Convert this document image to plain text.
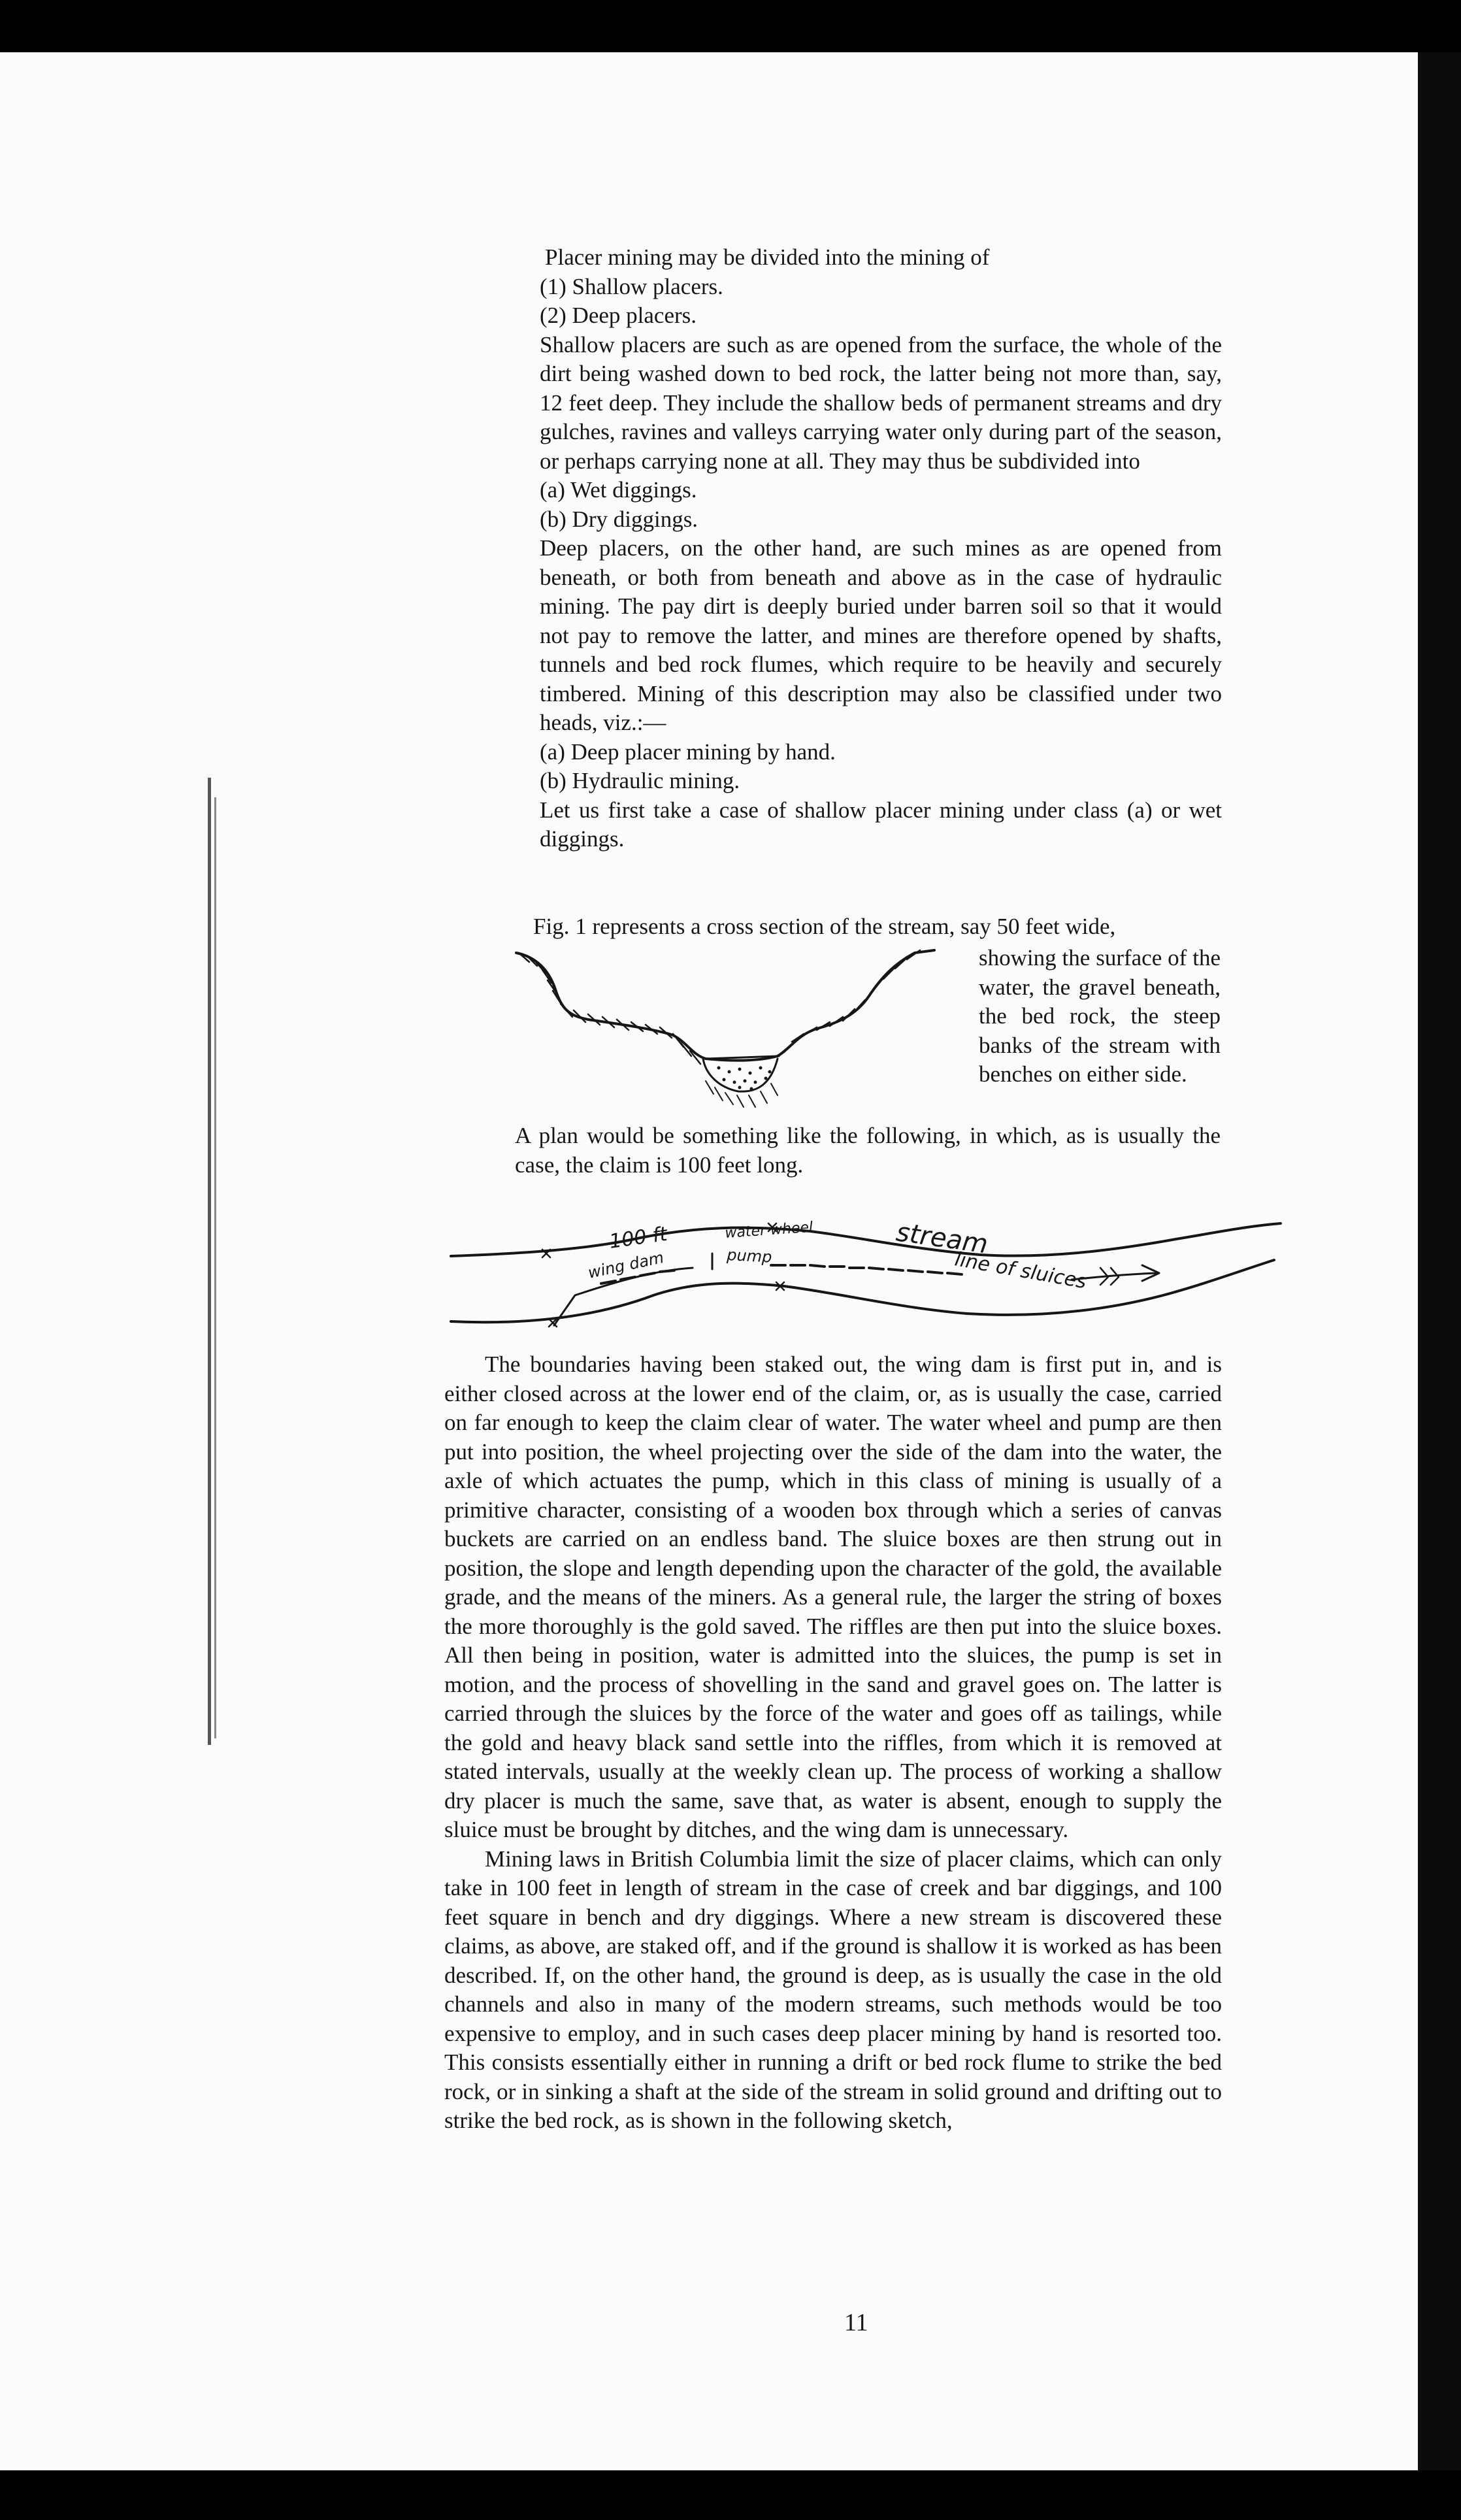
Placer mining may be divided into the mining of

(1) Shallow placers.

(2) Deep placers.

Shallow placers are such as are opened from the surface, the whole of the dirt being washed down to bed rock, the latter being not more than, say, 12 feet deep. They include the shallow beds of permanent streams and dry gulches, ravines and valleys carrying water only during part of the season, or perhaps carrying none at all. They may thus be subdivided into

(a) Wet diggings.

(b) Dry diggings.

Deep placers, on the other hand, are such mines as are opened from beneath, or both from beneath and above as in the case of hydraulic mining. The pay dirt is deeply buried under barren soil so that it would not pay to remove the latter, and mines are therefore opened by shafts, tunnels and bed rock flumes, which require to be heavily and securely timbered. Mining of this description may also be classified under two heads, viz.:—

(a) Deep placer mining by hand.

(b) Hydraulic mining.

Let us first take a case of shallow placer mining under class (a) or wet diggings.

Fig. 1 represents a cross section of the stream, say 50 feet wide,

showing the surface of the water, the gravel beneath, the bed rock, the steep banks of the stream with benches on either side.

A plan would be something like the following, in which, as is usually the case, the claim is 100 feet long.

100 ft	water wheel
pump
wing dam
stream
line of sluices

The boundaries having been staked out, the wing dam is first put in, and is either closed across at the lower end of the claim, or, as is usually the case, carried on far enough to keep the claim clear of water. The water wheel and pump are then put into position, the wheel projecting over the side of the dam into the water, the axle of which actuates the pump, which in this class of mining is usually of a primitive character, consisting of a wooden box through which a series of canvas buckets are carried on an endless band. The sluice boxes are then strung out in position, the slope and length depending upon the character of the gold, the available grade, and the means of the miners. As a general rule, the larger the string of boxes the more thoroughly is the gold saved. The riffles are then put into the sluice boxes. All then being in position, water is admitted into the sluices, the pump is set in motion, and the process of shovelling in the sand and gravel goes on. The latter is carried through the sluices by the force of the water and goes off as tailings, while the gold and heavy black sand settle into the riffles, from which it is removed at stated intervals, usually at the weekly clean up. The process of working a shallow dry placer is much the same, save that, as water is absent, enough to supply the sluice must be brought by ditches, and the wing dam is unnecessary.

Mining laws in British Columbia limit the size of placer claims, which can only take in 100 feet in length of stream in the case of creek and bar diggings, and 100 feet square in bench and dry diggings. Where a new stream is discovered these claims, as above, are staked off, and if the ground is shallow it is worked as has been described. If, on the other hand, the ground is deep, as is usually the case in the old channels and also in many of the modern streams, such methods would be too expensive to employ, and in such cases deep placer mining by hand is resorted too. This consists essentially either in running a drift or bed rock flume to strike the bed rock, or in sinking a shaft at the side of the stream in solid ground and drifting out to strike the bed rock, as is shown in the following sketch,

11
